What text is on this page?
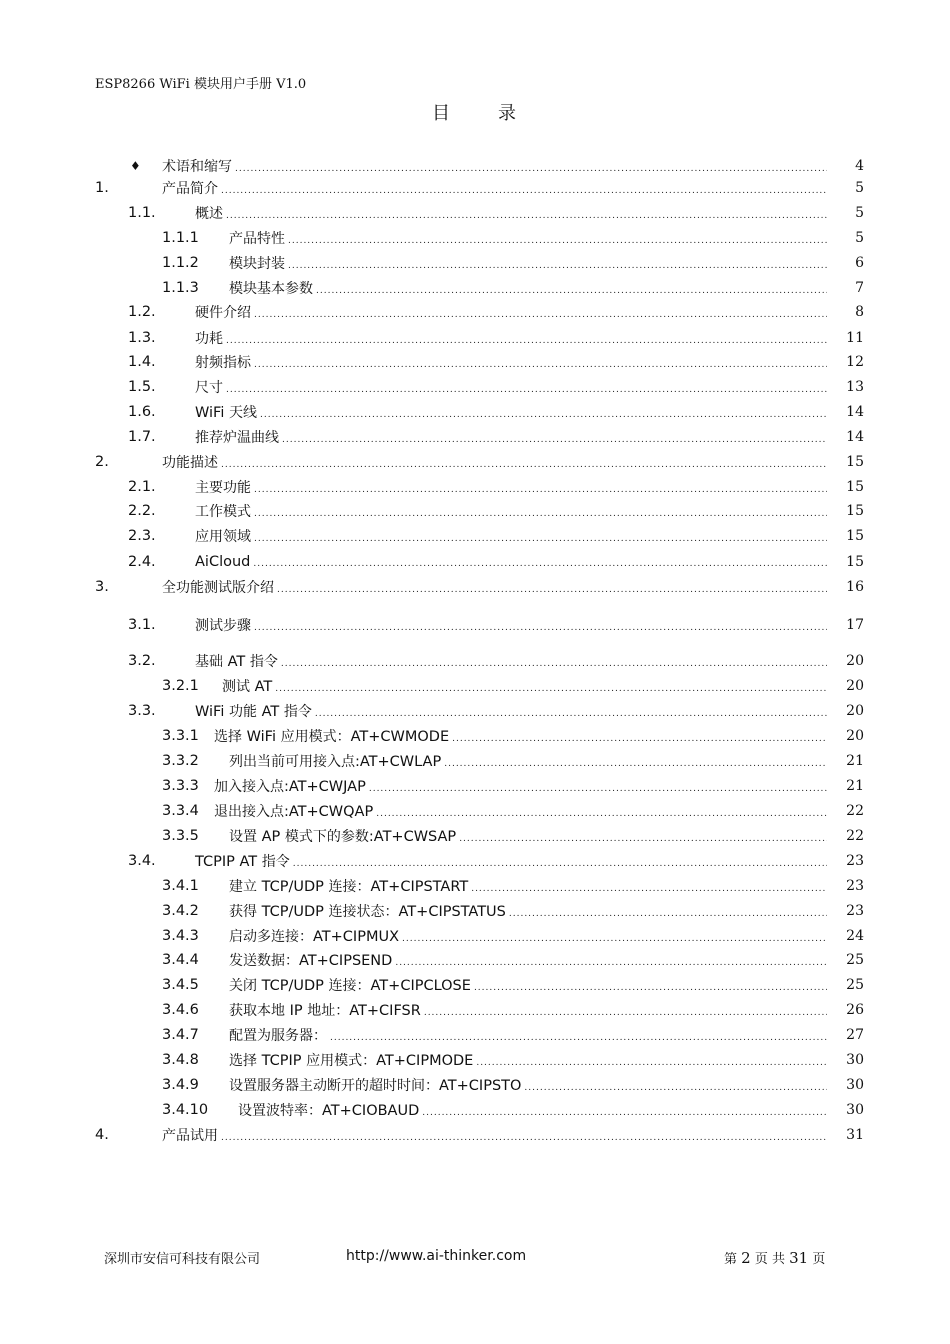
ESP8266 WiFi 模块用户手册 V1.0
目	录
♦ 术语和缩写 .....	4
1.	产品简介 .....	5
1.1.	概述 .....	5
1.1.1 产品特性 .....	5
1.1.2 模块封装 .....	6
1.1.3 模块基本参数 .....	7
1.2.	硬件介绍 .....	8
1.3.	功耗 .....	11
1.4.	射频指标 .....	12
1.5.	尺寸 .....	13
1.6.	WiFi 天线 .....	14
1.7.	推荐炉温曲线 .....	14
2.	功能描述 .....	15
2.1.	主要功能 .....	15
2.2.	工作模式 .....	15
2.3.	应用领域 .....	15
2.4.	AiCloud .....	15
3.	全功能测试版介绍 .....	16
3.1.	测试步骤 .....	17
3.2.	基础 AT 指令 .....	20
3.2.1 测试 AT .....	20
3.3.	WiFi 功能 AT 指令 .....	20
3.3.1 选择 WiFi 应用模式：AT+CWMODE .....	20
3.3.2 列出当前可用接入点:AT+CWLAP .....	21
3.3.3 加入接入点:AT+CWJAP .....	21
3.3.4 退出接入点:AT+CWQAP .....	22
3.3.5 设置 AP 模式下的参数:AT+CWSAP .....	22
3.4.	TCPIP AT 指令 .....	23
3.4.1 建立 TCP/UDP 连接：AT+CIPSTART .....	23
3.4.2 获得 TCP/UDP 连接状态：AT+CIPSTATUS .....	23
3.4.3 启动多连接：AT+CIPMUX .....	24
3.4.4 发送数据：AT+CIPSEND .....	25
3.4.5 关闭 TCP/UDP 连接：AT+CIPCLOSE .....	25
3.4.6 获取本地 IP 地址：AT+CIFSR .....	26
3.4.7 配置为服务器： .....	27
3.4.8 选择 TCPIP 应用模式：AT+CIPMODE .....	30
3.4.9 设置服务器主动断开的超时时间：AT+CIPSTO .....	30
3.4.10 设置波特率：AT+CIOBAUD .....	30
4.	产品试用 .....	31
深圳市安信可科技有限公司	http://www.ai-thinker.com	第 2 页 共 31 页
